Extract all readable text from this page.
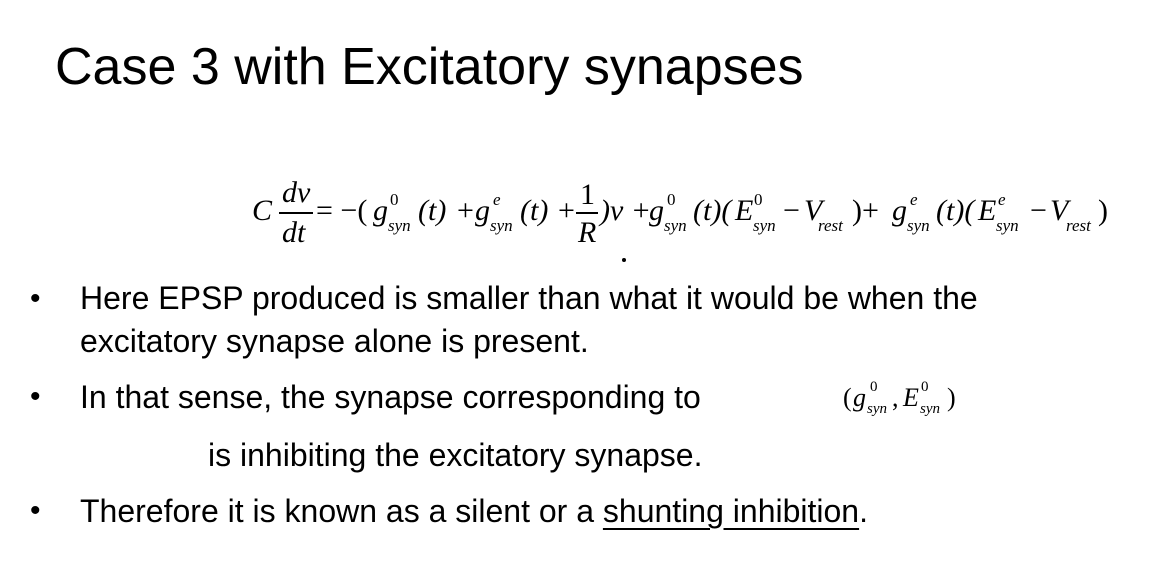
Case 3 with Excitatory synapses
C
dv
dt
= −( g 0
syn (t) + g e
syn (t) + 1
R
)v +
g 0
syn (t)( E 0
syn − V
rest )+ g e
syn (t)( E e
syn − V
rest )
• Here EPSP produced is smaller than what it would be when the
excitatory synapse alone is present.
• In that sense, the synapse corresponding to	( g 0
syn , E 0
syn )
is inhibiting the excitatory synapse.
• Therefore it is known as a silent or a shunting inhibition.
